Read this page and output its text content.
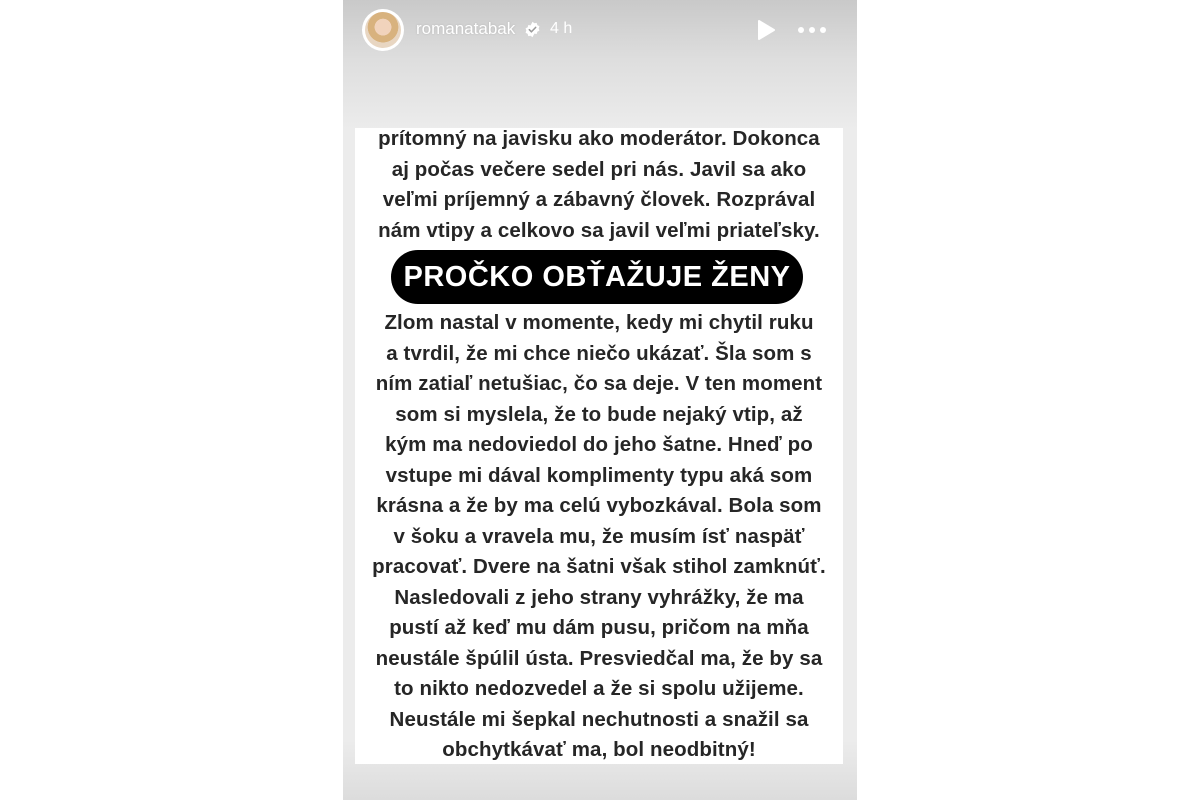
romanatabak 4 h

prítomný na javisku ako moderátor. Dokonca
aj počas večere sedel pri nás. Javil sa ako
veľmi príjemný a zábavný človek. Rozprával
nám vtipy a celkovo sa javil veľmi priateľsky.

PROČKO OBŤAŽUJE ŽENY

Zlom nastal v momente, kedy mi chytil ruku
a tvrdil, že mi chce niečo ukázať. Šla som s
ním zatiaľ netušiac, čo sa deje. V ten moment
som si myslela, že to bude nejaký vtip, až
kým ma nedoviedol do jeho šatne. Hneď po
vstupe mi dával komplimenty typu aká som
krásna a že by ma celú vybozkával. Bola som
v šoku a vravela mu, že musím ísť naspäť
pracovať. Dvere na šatni však stihol zamknúť.
Nasledovali z jeho strany vyhrážky, že ma
pustí až keď mu dám pusu, pričom na mňa
neustále špúlil ústa. Presviedčal ma, že by sa
to nikto nedozvedel a že si spolu užijeme.
Neustále mi šepkal nechutnosti a snažil sa
obchytkávať ma, bol neodbitný!
